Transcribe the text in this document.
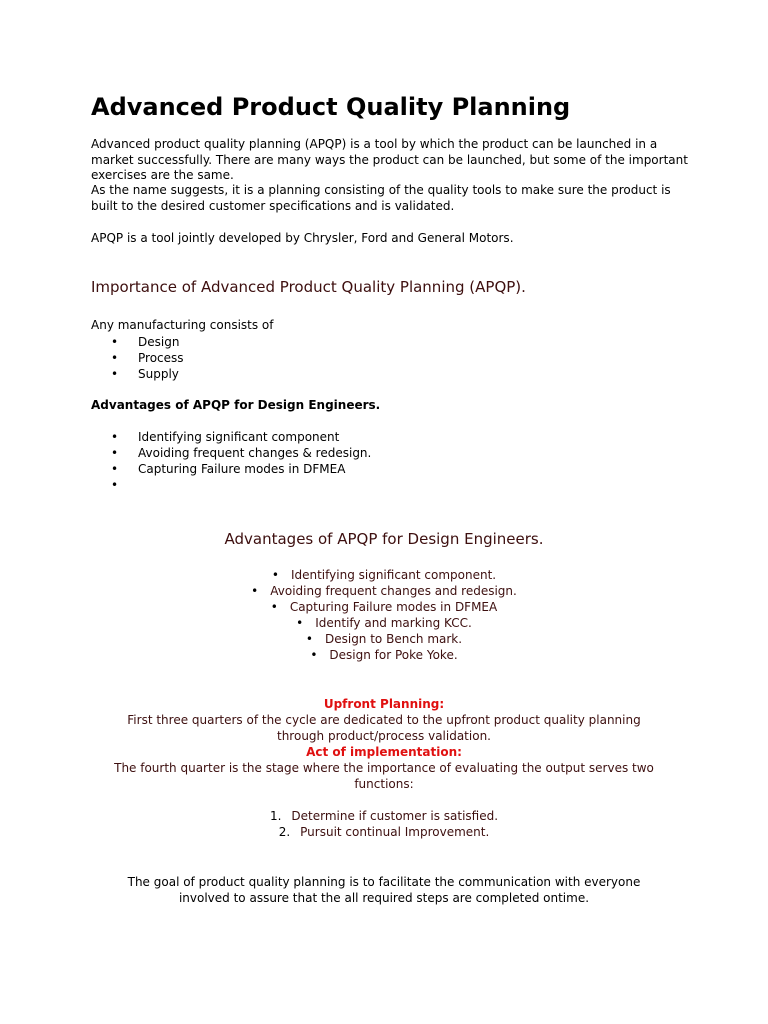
Advanced Product Quality Planning

Advanced product quality planning (APQP) is a tool by which the product can be launched in a market successfully. There are many ways the product can be launched, but some of the important exercises are the same.

As the name suggests, it is a planning consisting of the quality tools to make sure the product is built to the desired customer specifications and is validated.

APQP is a tool jointly developed by Chrysler, Ford and General Motors.

Importance of Advanced Product Quality Planning (APQP).

Any manufacturing consists of

• Design
• Process
• Supply

Advantages of APQP for Design Engineers.

• Identifying significant component
• Avoiding frequent changes & redesign.
• Capturing Failure modes in DFMEA
•
Advantages of APQP for Design Engineers.
• Identifying significant component.
• Avoiding frequent changes and redesign.
• Capturing Failure modes in DFMEA
• Identify and marking KCC.
• Design to Bench mark.
• Design for Poke Yoke.

Upfront Planning:

First three quarters of the cycle are dedicated to the upfront product quality planning

through product/process validation.

Act of implementation:

The fourth quarter is the stage where the importance of evaluating the output serves two

functions:

1. Determine if customer is satisfied.
2. Pursuit continual Improvement.

The goal of product quality planning is to facilitate the communication with everyone

involved to assure that the all required steps are completed ontime.
